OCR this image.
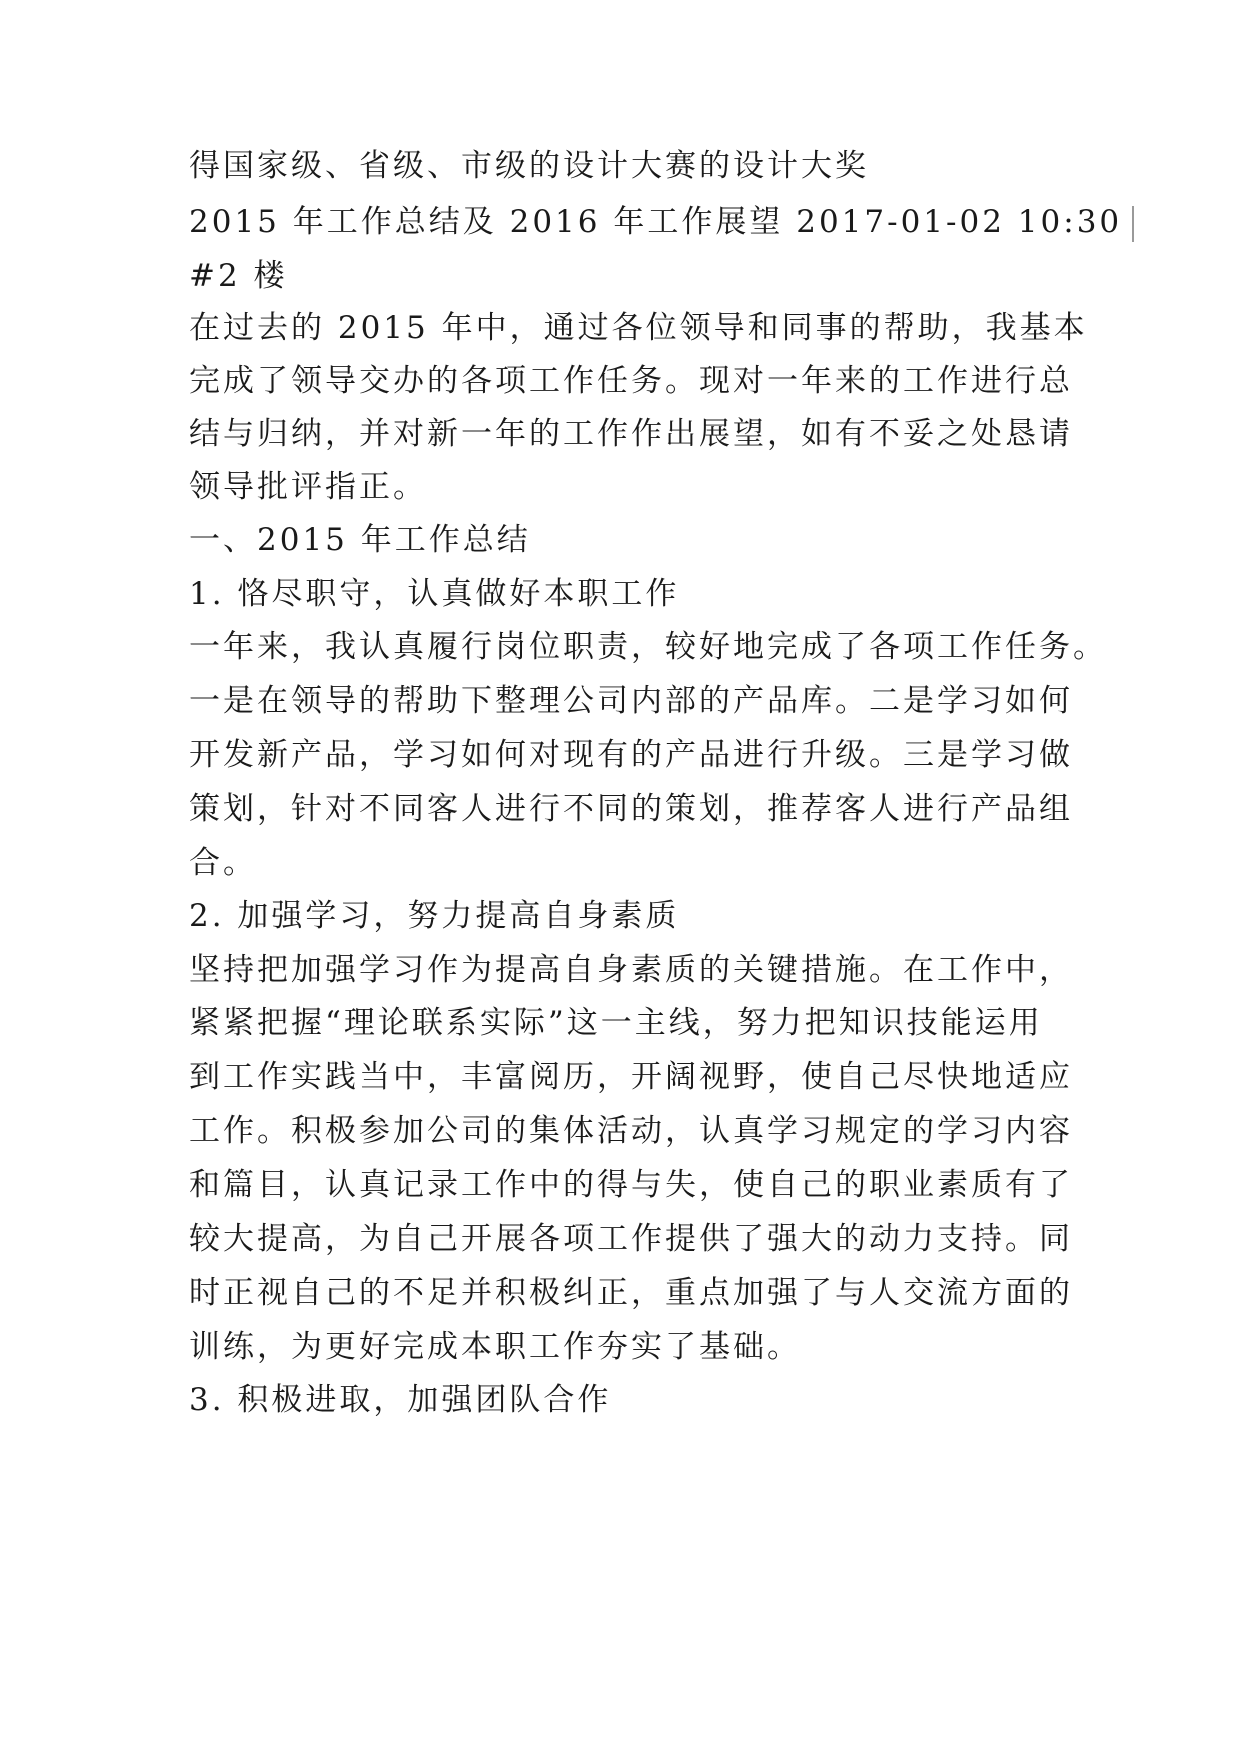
得国家级、省级、市级的设计大赛的设计大奖
2015 年工作总结及 2016 年工作展望 2017-01-02 10:30
#2 楼
在过去的 2015 年中，通过各位领导和同事的帮助，我基本
完成了领导交办的各项工作任务。现对一年来的工作进行总
结与归纳，并对新一年的工作作出展望，如有不妥之处恳请
领导批评指正。
一、2015 年工作总结
1. 恪尽职守，认真做好本职工作
一年来，我认真履行岗位职责，较好地完成了各项工作任务。
一是在领导的帮助下整理公司内部的产品库。二是学习如何
开发新产品，学习如何对现有的产品进行升级。三是学习做
策划，针对不同客人进行不同的策划，推荐客人进行产品组
合。
2. 加强学习，努力提高自身素质
坚持把加强学习作为提高自身素质的关键措施。在工作中，
紧紧把握“理论联系实际”这一主线，努力把知识技能运用
到工作实践当中，丰富阅历，开阔视野，使自己尽快地适应
工作。积极参加公司的集体活动，认真学习规定的学习内容
和篇目，认真记录工作中的得与失，使自己的职业素质有了
较大提高，为自己开展各项工作提供了强大的动力支持。同
时正视自己的不足并积极纠正，重点加强了与人交流方面的
训练，为更好完成本职工作夯实了基础。
3. 积极进取，加强团队合作
